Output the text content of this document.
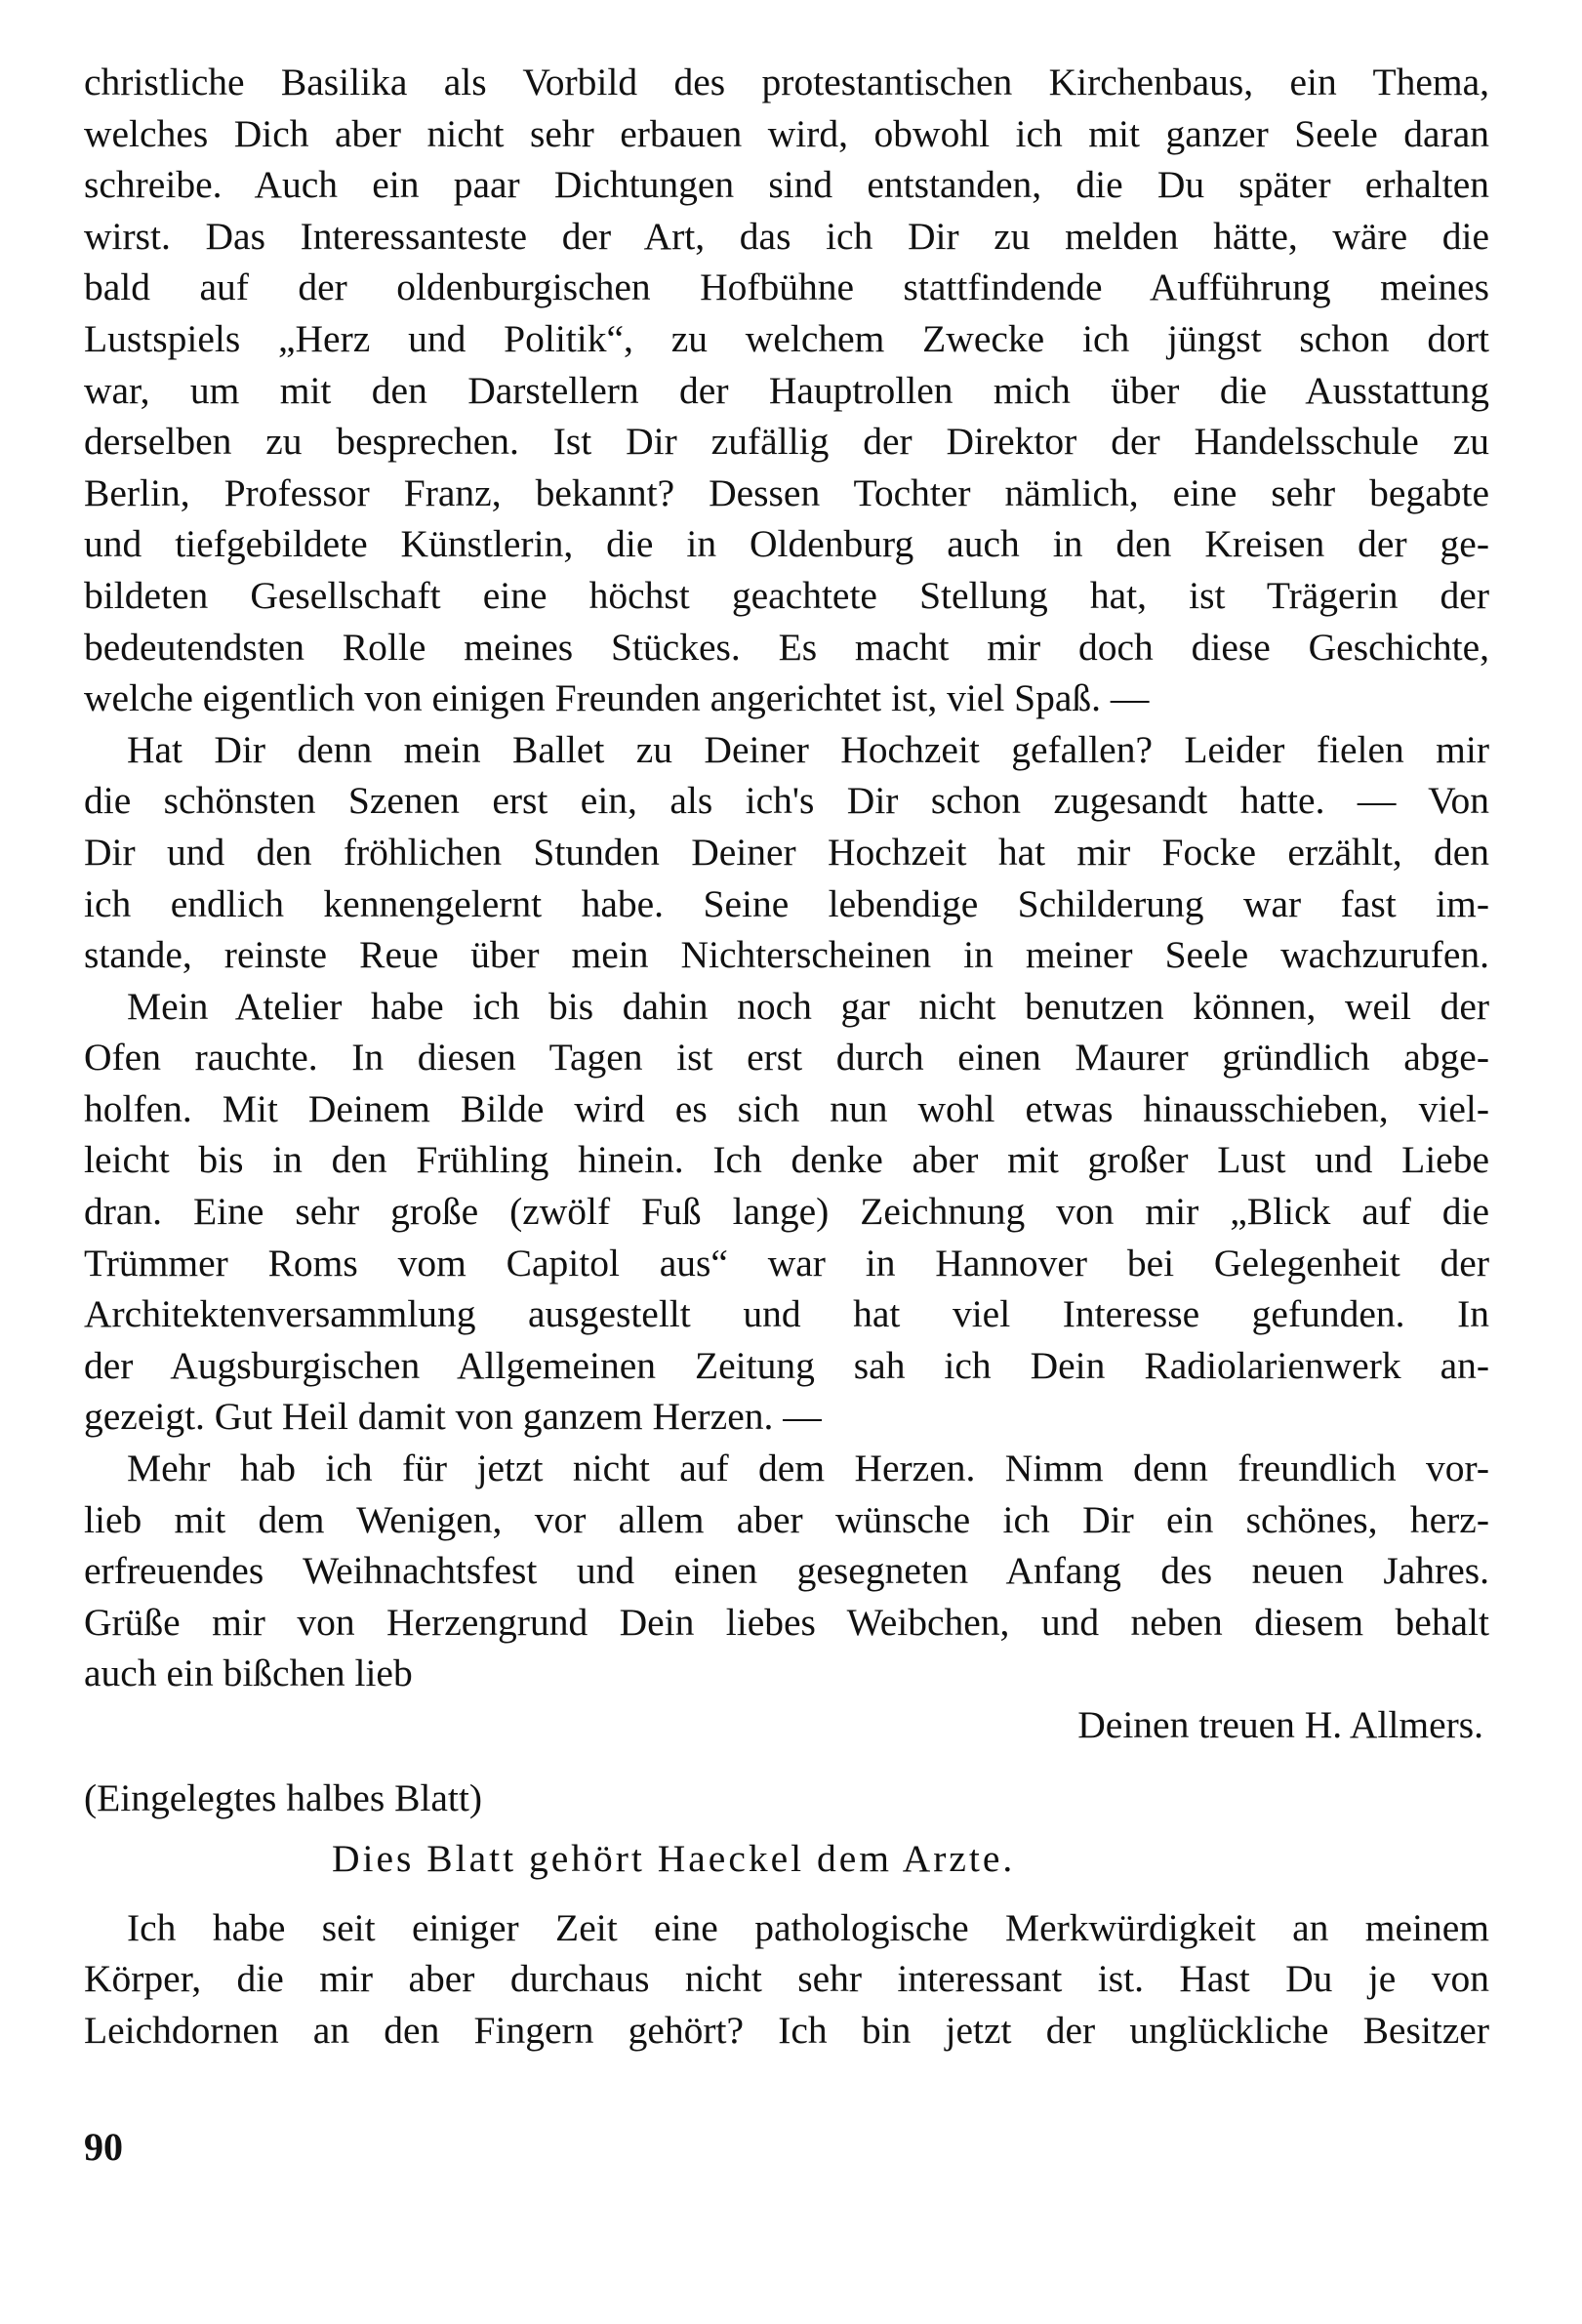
christliche Basilika als Vorbild des protestantischen Kirchenbaus, ein Thema,
welches Dich aber nicht sehr erbauen wird, obwohl ich mit ganzer Seele daran
schreibe. Auch ein paar Dichtungen sind entstanden, die Du später erhalten
wirst. Das Interessanteste der Art, das ich Dir zu melden hätte, wäre die
bald auf der oldenburgischen Hofbühne stattfindende Aufführung meines
Lustspiels „Herz und Politik“, zu welchem Zwecke ich jüngst schon dort
war, um mit den Darstellern der Hauptrollen mich über die Ausstattung
derselben zu besprechen. Ist Dir zufällig der Direktor der Handelsschule zu
Berlin, Professor Franz, bekannt? Dessen Tochter nämlich, eine sehr begabte
und tiefgebildete Künstlerin, die in Oldenburg auch in den Kreisen der ge-
bildeten Gesellschaft eine höchst geachtete Stellung hat, ist Trägerin der
bedeutendsten Rolle meines Stückes. Es macht mir doch diese Geschichte,
welche eigentlich von einigen Freunden angerichtet ist, viel Spaß. —
Hat Dir denn mein Ballet zu Deiner Hochzeit gefallen? Leider fielen mir
die schönsten Szenen erst ein, als ich's Dir schon zugesandt hatte. — Von
Dir und den fröhlichen Stunden Deiner Hochzeit hat mir Focke erzählt, den
ich endlich kennengelernt habe. Seine lebendige Schilderung war fast im-
stande, reinste Reue über mein Nichterscheinen in meiner Seele wachzurufen.
Mein Atelier habe ich bis dahin noch gar nicht benutzen können, weil der
Ofen rauchte. In diesen Tagen ist erst durch einen Maurer gründlich abge-
holfen. Mit Deinem Bilde wird es sich nun wohl etwas hinausschieben, viel-
leicht bis in den Frühling hinein. Ich denke aber mit großer Lust und Liebe
dran. Eine sehr große (zwölf Fuß lange) Zeichnung von mir „Blick auf die
Trümmer Roms vom Capitol aus“ war in Hannover bei Gelegenheit der
Architektenversammlung ausgestellt und hat viel Interesse gefunden. In
der Augsburgischen Allgemeinen Zeitung sah ich Dein Radiolarienwerk an-
gezeigt. Gut Heil damit von ganzem Herzen. —
Mehr hab ich für jetzt nicht auf dem Herzen. Nimm denn freundlich vor-
lieb mit dem Wenigen, vor allem aber wünsche ich Dir ein schönes, herz-
erfreuendes Weihnachtsfest und einen gesegneten Anfang des neuen Jahres.
Grüße mir von Herzengrund Dein liebes Weibchen, und neben diesem behalt
auch ein bißchen lieb
Deinen treuen H. Allmers.
(Eingelegtes halbes Blatt)
Dies Blatt gehört Haeckel dem Arzte.
Ich habe seit einiger Zeit eine pathologische Merkwürdigkeit an meinem
Körper, die mir aber durchaus nicht sehr interessant ist. Hast Du je von
Leichdornen an den Fingern gehört? Ich bin jetzt der unglückliche Besitzer
90
